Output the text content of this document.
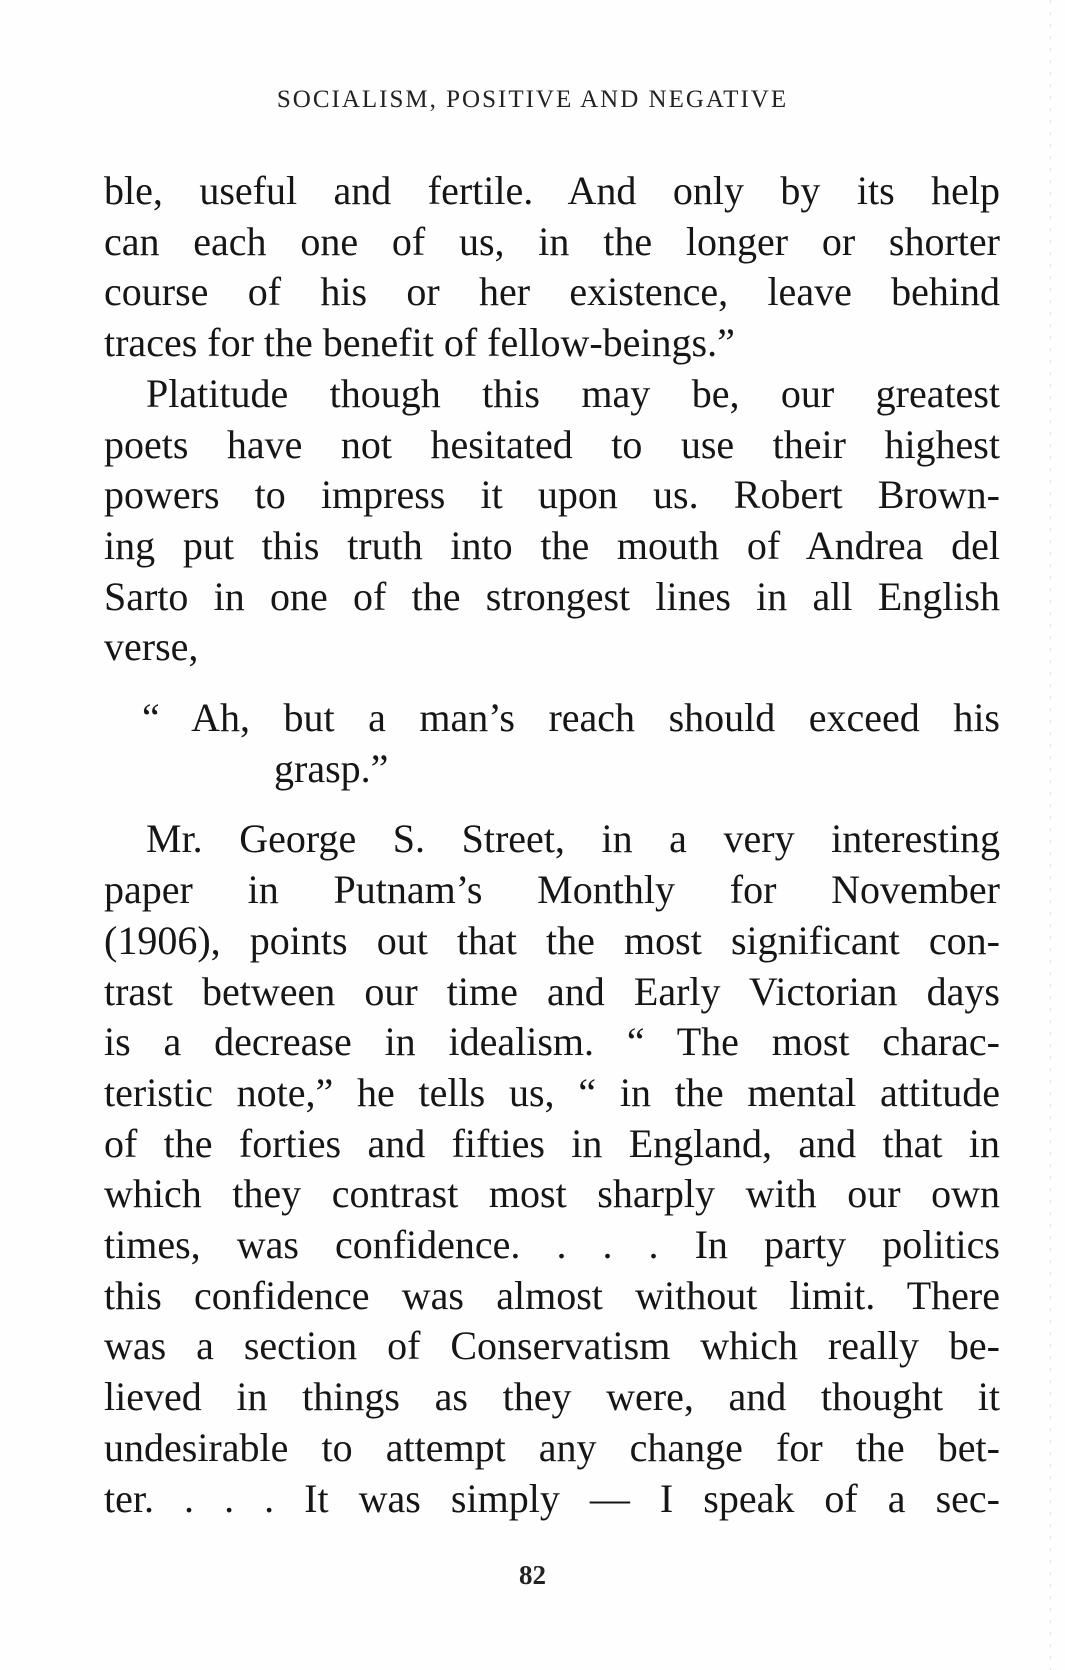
SOCIALISM, POSITIVE AND NEGATIVE

ble, useful and fertile. And only by its help

can each one of us, in the longer or shorter

course of his or her existence, leave behind

traces for the benefit of fellow-beings.”

Platitude though this may be, our greatest

poets have not hesitated to use their highest

powers to impress it upon us. Robert Brown-

ing put this truth into the mouth of Andrea del

Sarto in one of the strongest lines in all English

verse,

“ Ah, but a man’s reach should exceed his

grasp.”

Mr. George S. Street, in a very interesting

paper in Putnam’s Monthly for November

(1906), points out that the most significant con-

trast between our time and Early Victorian days

is a decrease in idealism. “ The most charac-

teristic note,” he tells us, “ in the mental attitude

of the forties and fifties in England, and that in

which they contrast most sharply with our own

times, was confidence. . . . In party politics

this confidence was almost without limit. There

was a section of Conservatism which really be-

lieved in things as they were, and thought it

undesirable to attempt any change for the bet-

ter. . . . It was simply — I speak of a sec-

82
